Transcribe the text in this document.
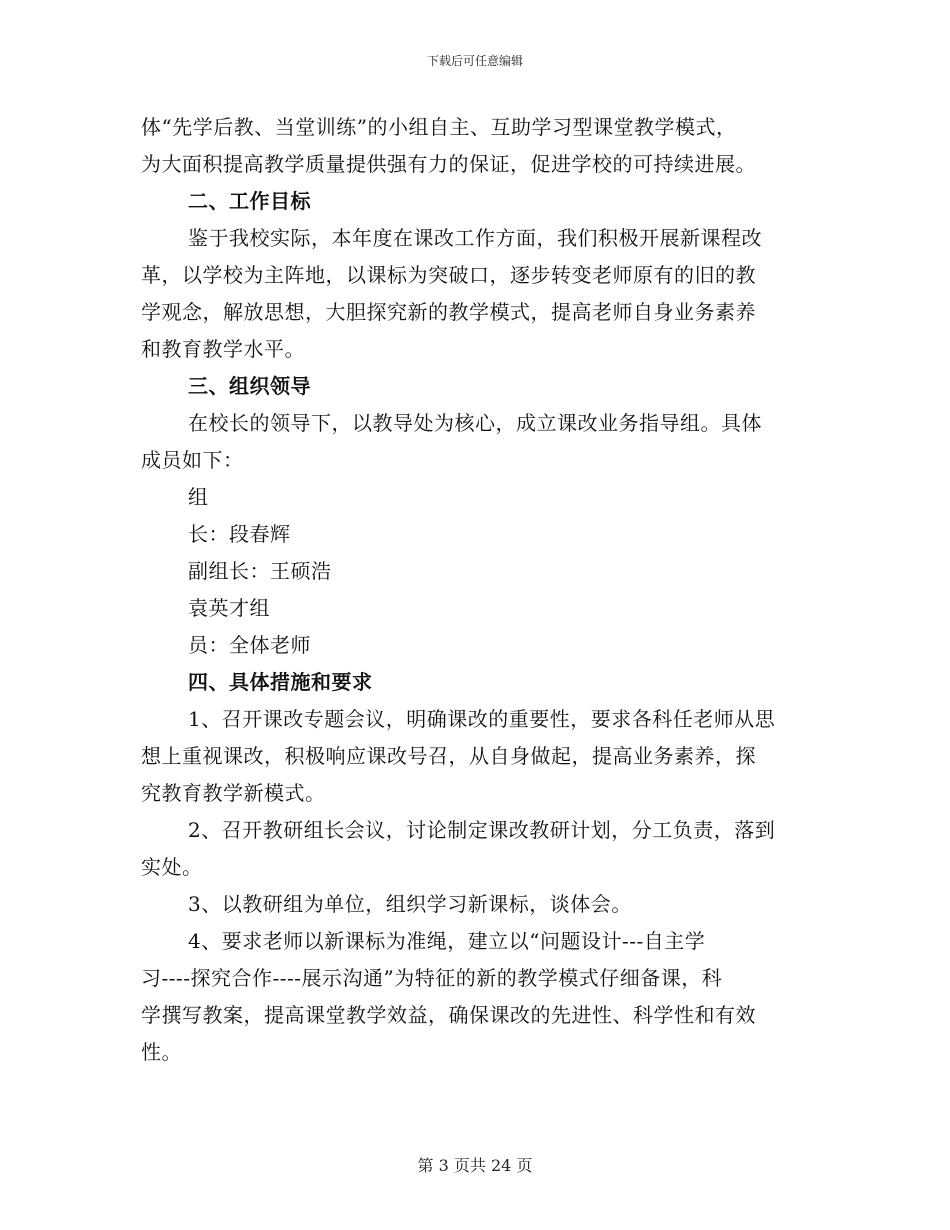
下载后可任意编辑
体“先学后教、当堂训练”的小组自主、互助学习型课堂教学模式，
为大面积提高教学质量提供强有力的保证，促进学校的可持续进展。
二、工作目标
鉴于我校实际，本年度在课改工作方面，我们积极开展新课程改
革，以学校为主阵地，以课标为突破口，逐步转变老师原有的旧的教
学观念，解放思想，大胆探究新的教学模式，提高老师自身业务素养
和教育教学水平。
三、组织领导
在校长的领导下，以教导处为核心，成立课改业务指导组。具体
成员如下：
组
长：段春辉
副组长：王硕浩
袁英才组
员：全体老师
四、具体措施和要求
1、召开课改专题会议，明确课改的重要性，要求各科任老师从思
想上重视课改，积极响应课改号召，从自身做起，提高业务素养，探
究教育教学新模式。
2、召开教研组长会议，讨论制定课改教研计划，分工负责，落到
实处。
3、以教研组为单位，组织学习新课标，谈体会。
4、要求老师以新课标为准绳，建立以“问题设计---自主学
习----探究合作----展示沟通”为特征的新的教学模式仔细备课，科
学撰写教案，提高课堂教学效益，确保课改的先进性、科学性和有效
性。
第 3 页共 24 页
